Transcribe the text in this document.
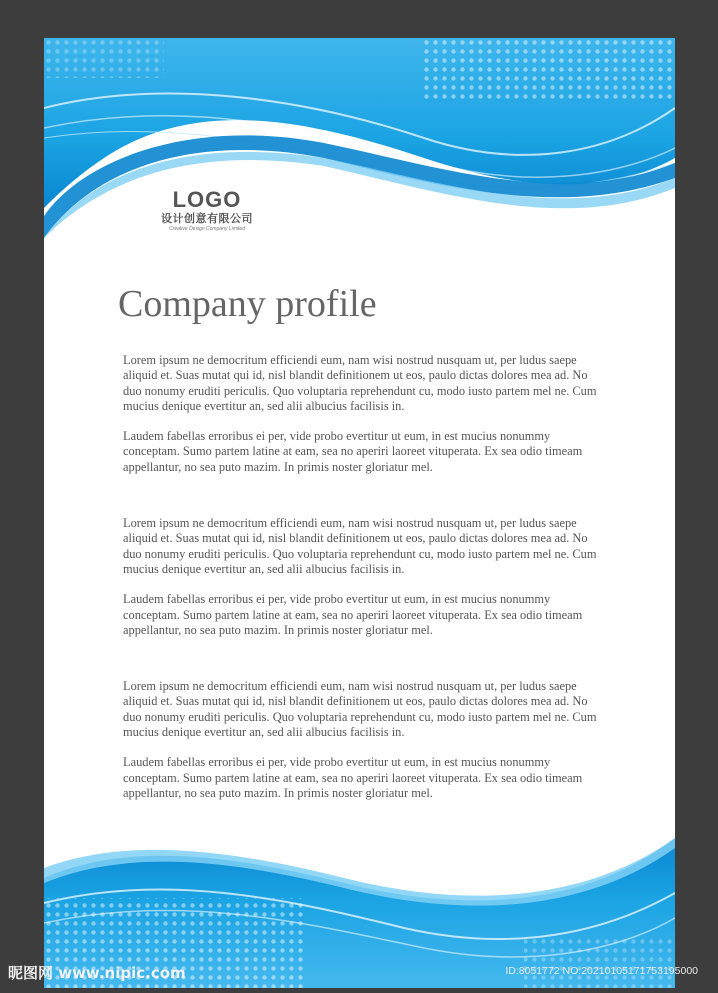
LOGO
设计创意有限公司
Creative Design Company Limited
Company profile

Lorem ipsum ne democritum efficiendi eum, nam wisi nostrud nusquam ut, per ludus saepe aliquid et. Suas mutat qui id, nisl blandit definitionem ut eos, paulo dictas dolores mea ad. No duo nonumy eruditi periculis. Quo voluptaria reprehendunt cu, modo iusto partem mel ne. Cum mucius denique evertitur an, sed alii albucius facilisis in.

Laudem fabellas erroribus ei per, vide probo evertitur ut eum, in est mucius nonummy conceptam. Sumo partem latine at eam, sea no aperiri laoreet vituperata. Ex sea odio timeam appellantur, no sea puto mazim. In primis noster gloriatur mel.

Lorem ipsum ne democritum efficiendi eum, nam wisi nostrud nusquam ut, per ludus saepe aliquid et. Suas mutat qui id, nisl blandit definitionem ut eos, paulo dictas dolores mea ad. No duo nonumy eruditi periculis. Quo voluptaria reprehendunt cu, modo iusto partem mel ne. Cum mucius denique evertitur an, sed alii albucius facilisis in.

Laudem fabellas erroribus ei per, vide probo evertitur ut eum, in est mucius nonummy conceptam. Sumo partem latine at eam, sea no aperiri laoreet vituperata. Ex sea odio timeam appellantur, no sea puto mazim. In primis noster gloriatur mel.

Lorem ipsum ne democritum efficiendi eum, nam wisi nostrud nusquam ut, per ludus saepe aliquid et. Suas mutat qui id, nisl blandit definitionem ut eos, paulo dictas dolores mea ad. No duo nonumy eruditi periculis. Quo voluptaria reprehendunt cu, modo iusto partem mel ne. Cum mucius denique evertitur an, sed alii albucius facilisis in.

Laudem fabellas erroribus ei per, vide probo evertitur ut eum, in est mucius nonummy conceptam. Sumo partem latine at eam, sea no aperiri laoreet vituperata. Ex sea odio timeam appellantur, no sea puto mazim. In primis noster gloriatur mel.

昵图网 www.nipic.com	ID:8051772 NO:20210105171753195000
